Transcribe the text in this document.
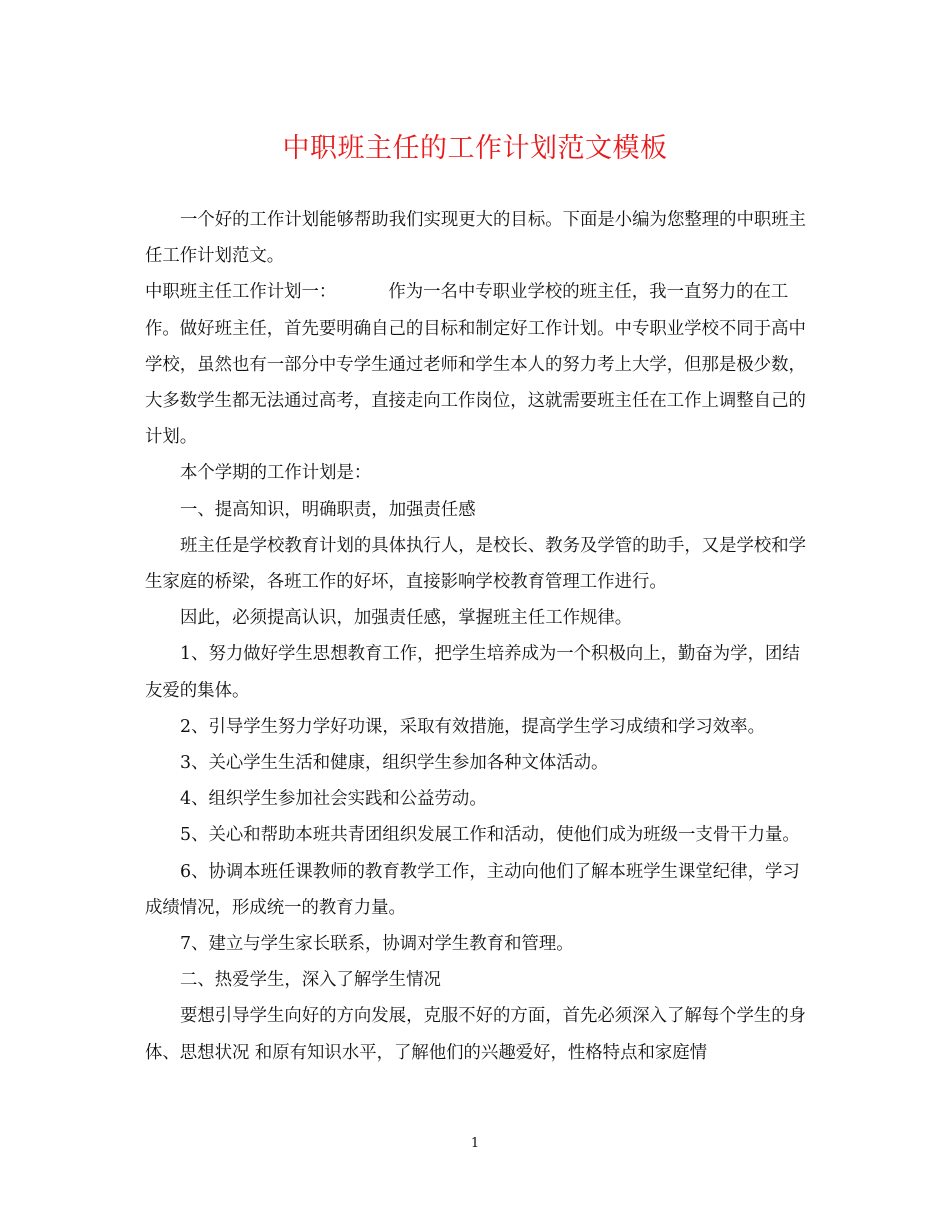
中职班主任的工作计划范文模板

一个好的工作计划能够帮助我们实现更大的目标。下面是小编为您整理的中职班主任工作计划范文。

中职班主任工作计划一：	作为一名中专职业学校的班主任，我一直努力的在工作。做好班主任，首先要明确自己的目标和制定好工作计划。中专职业学校不同于高中学校，虽然也有一部分中专学生通过老师和学生本人的努力考上大学，但那是极少数，大多数学生都无法通过高考，直接走向工作岗位，这就需要班主任在工作上调整自己的计划。

本个学期的工作计划是：

一、提高知识，明确职责，加强责任感

班主任是学校教育计划的具体执行人，是校长、教务及学管的助手，又是学校和学生家庭的桥梁，各班工作的好坏，直接影响学校教育管理工作进行。

因此，必须提高认识，加强责任感，掌握班主任工作规律。

1、努力做好学生思想教育工作，把学生培养成为一个积极向上，勤奋为学，团结友爱的集体。

2、引导学生努力学好功课，采取有效措施，提高学生学习成绩和学习效率。

3、关心学生生活和健康，组织学生参加各种文体活动。

4、组织学生参加社会实践和公益劳动。

5、关心和帮助本班共青团组织发展工作和活动，使他们成为班级一支骨干力量。

6、协调本班任课教师的教育教学工作，主动向他们了解本班学生课堂纪律，学习成绩情况，形成统一的教育力量。

7、建立与学生家长联系，协调对学生教育和管理。

二、热爱学生，深入了解学生情况

要想引导学生向好的方向发展，克服不好的方面，首先必须深入了解每个学生的身体、思想状况 和原有知识水平，了解他们的兴趣爱好，性格特点和家庭情

1
